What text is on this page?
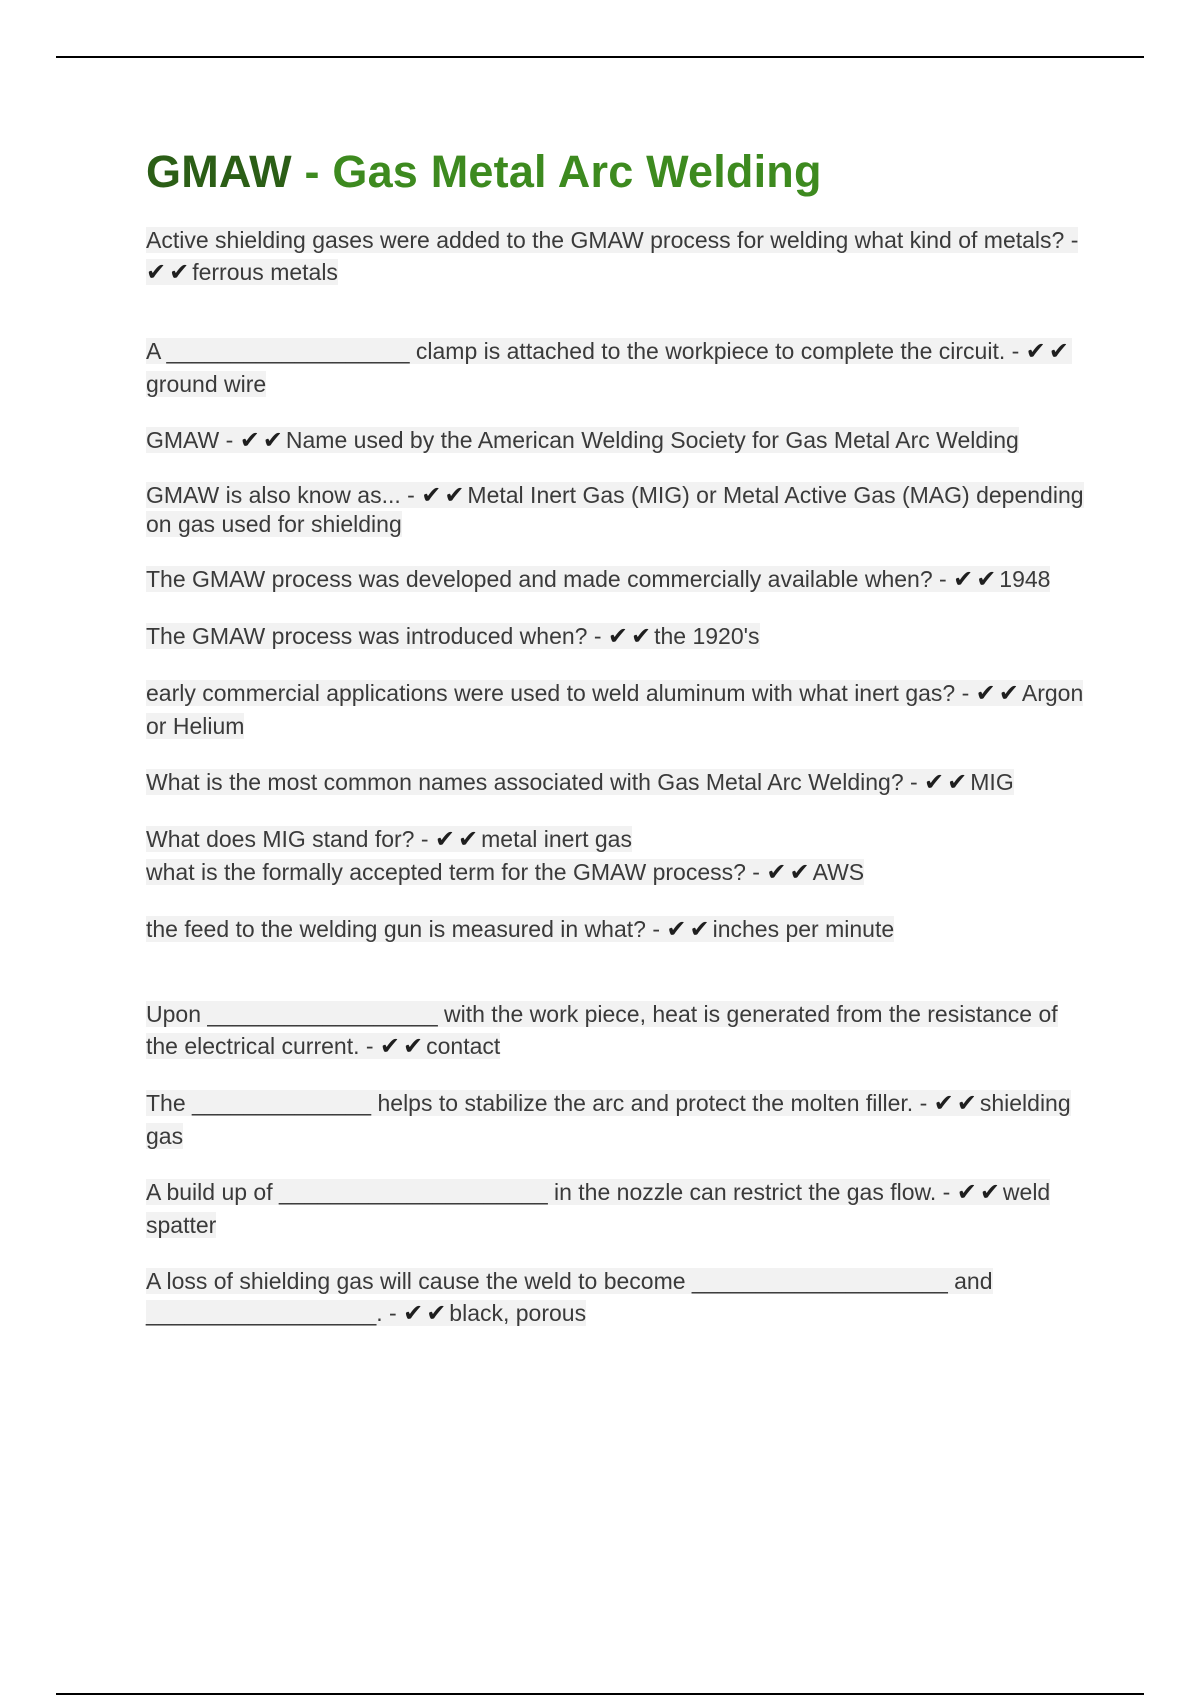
GMAW - Gas Metal Arc Welding

Active shielding gases were added to the GMAW process for welding what kind of metals? - ✔✔ferrous metals

A ___________________ clamp is attached to the workpiece to complete the circuit. - ✔✔ground wire

GMAW - ✔✔Name used by the American Welding Society for Gas Metal Arc Welding

GMAW is also know as... - ✔✔Metal Inert Gas (MIG) or Metal Active Gas (MAG) depending on gas used for shielding

The GMAW process was developed and made commercially available when? - ✔✔1948

The GMAW process was introduced when? - ✔✔the 1920's

early commercial applications were used to weld aluminum with what inert gas? - ✔✔Argon or Helium

What is the most common names associated with Gas Metal Arc Welding? - ✔✔MIG

What does MIG stand for? - ✔✔metal inert gas

what is the formally accepted term for the GMAW process? - ✔✔AWS

the feed to the welding gun is measured in what? - ✔✔inches per minute

Upon __________________ with the work piece, heat is generated from the resistance of the electrical current. - ✔✔contact

The ______________ helps to stabilize the arc and protect the molten filler. - ✔✔shielding gas

A build up of _____________________ in the nozzle can restrict the gas flow. - ✔✔weld spatter

A loss of shielding gas will cause the weld to become ____________________ and __________________. - ✔✔black, porous
